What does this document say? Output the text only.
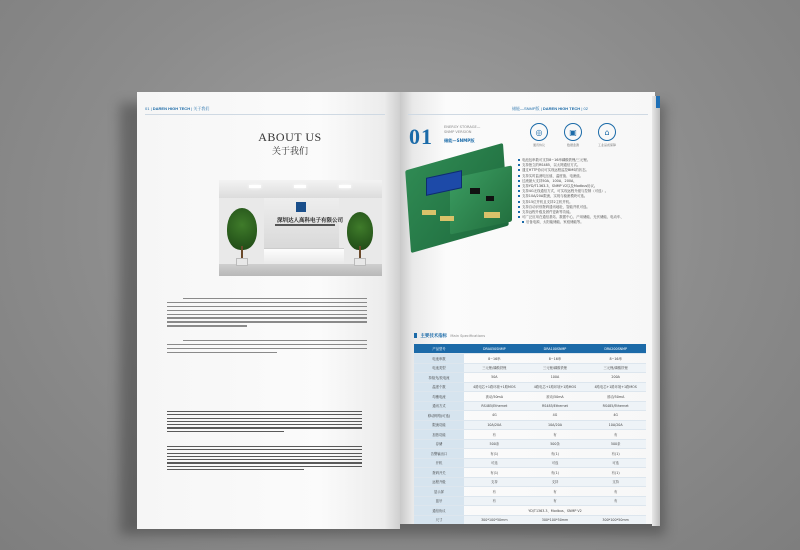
01 | DAREN HIGH TECH | 关于我们
ABOUT US
关于我们
深圳达人高科电子有限公司
储能—SNMP版 | DAREN HIGH TECH | 02
01	ENERGY STORAGE—
SNMP VERSION
储能—SNMP版
◎
通讯协议
▣
数据监测
⌂
工业品质保障
电池包串数可支持8~16串磷酸铁锂/三元锂。
支持独立的RS485，以太网通信方式。
通过HTTP协议可实现远程监控BMS的状态。
支持实时监测电压值、温度值、电流值。
过流最大支持50A、100A、200A，
支持YD/T1363.3，SNMP V2以及Modbus协议。
支持4G无线通信方式，可实现远程升级与控制（可选）。
支持10A/20A限流，实现与稳流模块可选。
支持15位并机且支持2主机并机。
支持自动识别拨码通讯地址，智能并机可选。
支持远程升级及固件更新等功能。
可广泛应用在通信基站、数据中心、户用储能、光伏储能、电动车、
后备电源、太阳能储能、家庭储能等。
主要技术指标 Main Specifications
产品型号	DRA050SNMP	DRA100SNMP	DRA200SNMP
电池串数	8~16串	8~16串	8~16串
电池类型	三元锂/磷酸铁锂	三元锂/磷酸铁锂	三元锂/磷酸铁锂
持续充/放电流	50A	100A	200A
温度个数	4路电芯+1路环境+1路MOS	4路电芯+1路环境+1路MOS	4路电芯+1路环境+1路MOS
均衡电流	被动/50mA	被动/50mA	被动/50mA
通讯方式	RS485/Ethernet	RS485/Ethernet	RS485/Ethernet
移动网络(可选)	4G	4G	4G
限流功能	10A/20A	10A/20A	10A/20A
加热功能	有	有	有
存储	500条	500条	500条
告警输出口	有(1)	有(1)	有(1)
开机	可选	可选	可选
拨码开关	有(1)	有(1)	有(1)
远程升级	支持	支持	支持
显示屏	有	有	有
蓝牙	有	有	有
通信协议	YD/T1363.3、Modbus、SNMP V2		
尺寸	300*100*50mm	300*100*50mm	300*100*50mm
